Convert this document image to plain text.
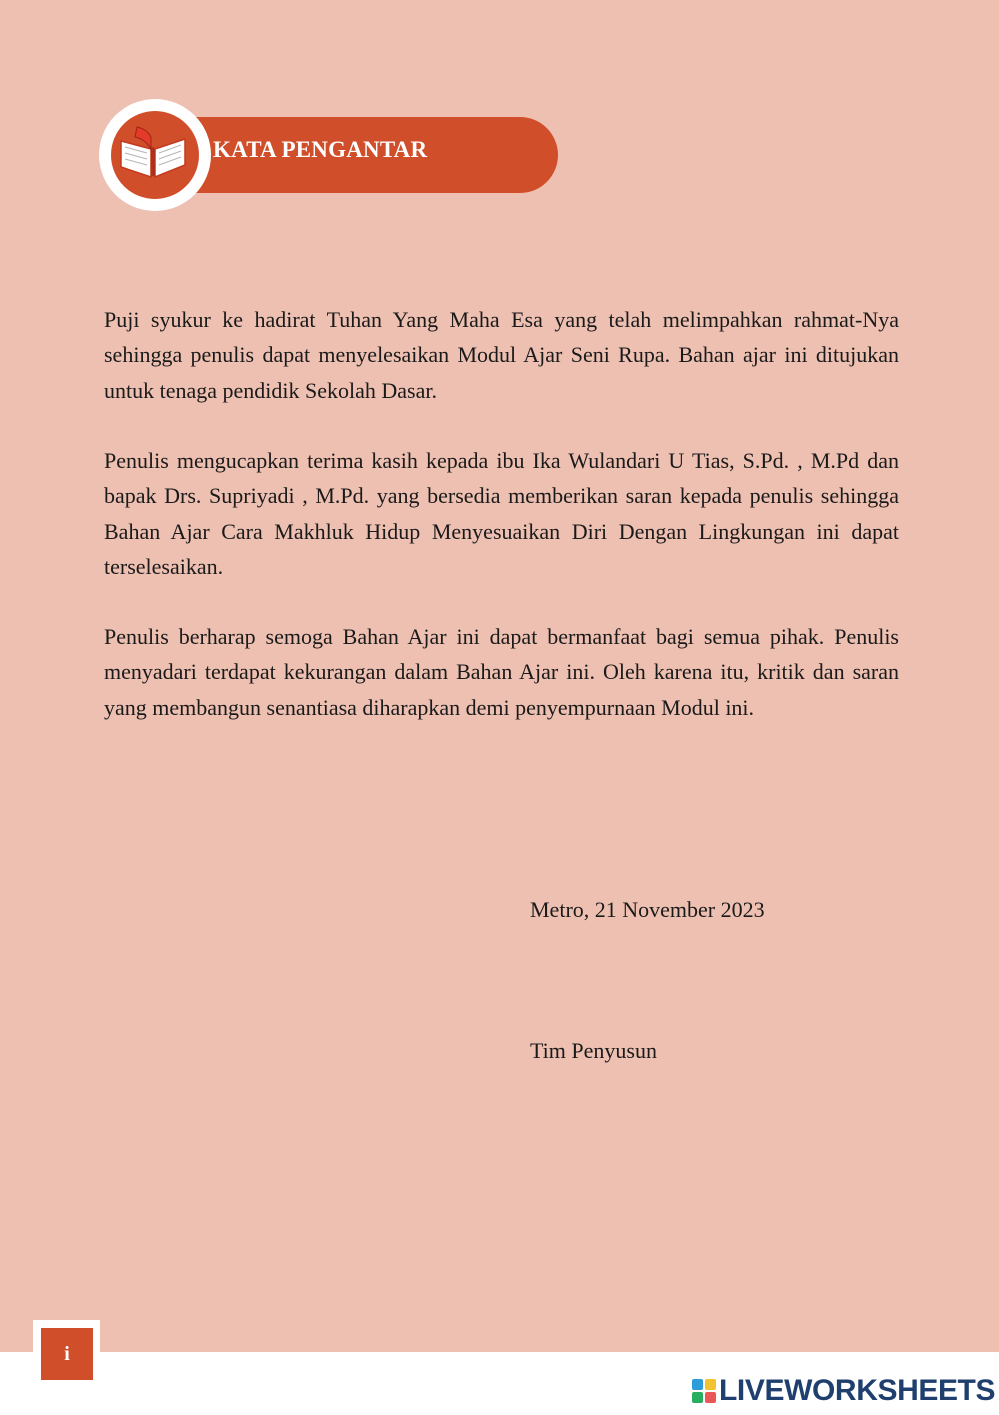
KATA PENGANTAR

Puji syukur ke hadirat Tuhan Yang Maha Esa yang telah melimpahkan rahmat-Nya sehingga penulis dapat menyelesaikan Modul Ajar Seni Rupa. Bahan ajar ini ditujukan untuk tenaga pendidik Sekolah Dasar.

Penulis mengucapkan terima kasih kepada ibu Ika Wulandari U Tias, S.Pd. , M.Pd dan bapak Drs. Supriyadi , M.Pd. yang bersedia memberikan saran kepada penulis sehingga Bahan Ajar Cara Makhluk Hidup Menyesuaikan Diri Dengan Lingkungan ini dapat terselesaikan.

Penulis berharap semoga Bahan Ajar ini dapat bermanfaat bagi semua pihak. Penulis menyadari terdapat kekurangan dalam Bahan Ajar ini. Oleh karena itu, kritik dan saran yang membangun senantiasa diharapkan demi penyempurnaan Modul ini.

Metro, 21 November 2023
Tim Penyusun
i
LIVEWORKSHEETS
